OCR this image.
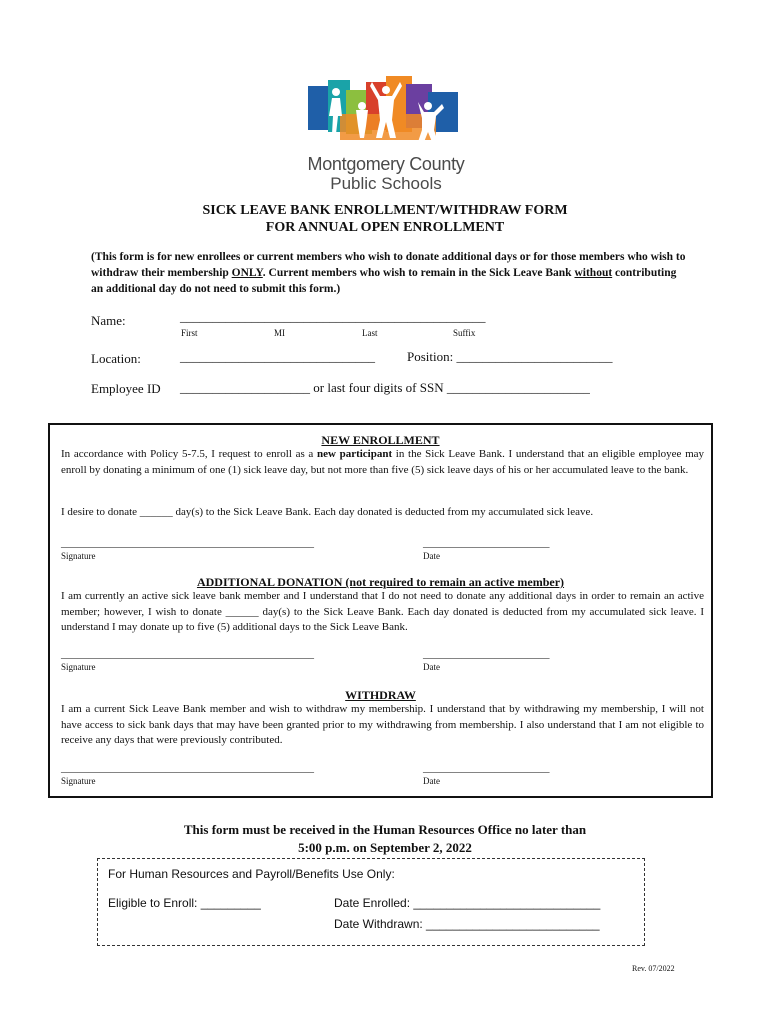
Montgomery County
Public Schools
SICK LEAVE BANK ENROLLMENT/WITHDRAW FORM
FOR ANNUAL OPEN ENROLLMENT
(This form is for new enrollees or current members who wish to donate additional days or for those members who wish to withdraw their membership ONLY. Current members who wish to remain in the Sick Leave Bank without contributing an additional day do not need to submit this form.)
Name:	_______________________________________________
First	MI	Last	Suffix
Location:	______________________________ Position: ________________________
Employee ID ____________________ or last four digits of SSN ______________________
NEW ENROLLMENT
In accordance with Policy 5-7.5, I request to enroll as a new participant in the Sick Leave Bank. I understand that an eligible employee may enroll by donating a minimum of one (1) sick leave day, but not more than five (5) sick leave days of his or her accumulated leave to the bank.
I desire to donate ______ day(s) to the Sick Leave Bank. Each day donated is deducted from my accumulated sick leave.
______________________________________________	_______________________
Signature	Date
ADDITIONAL DONATION (not required to remain an active member)
I am currently an active sick leave bank member and I understand that I do not need to donate any additional days in order to remain an active member; however, I wish to donate ______ day(s) to the Sick Leave Bank. Each day donated is deducted from my accumulated sick leave. I understand I may donate up to five (5) additional days to the Sick Leave Bank.
______________________________________________	_______________________
Signature	Date
WITHDRAW
I am a current Sick Leave Bank member and wish to withdraw my membership. I understand that by withdrawing my membership, I will not have access to sick bank days that may have been granted prior to my withdrawing from membership. I also understand that I am not eligible to receive any days that were previously contributed.
______________________________________________	_______________________
Signature	Date
This form must be received in the Human Resources Office no later than
5:00 p.m. on September 2, 2022
For Human Resources and Payroll/Benefits Use Only:
Eligible to Enroll: _________	Date Enrolled: ____________________________
Date Withdrawn: __________________________
Rev. 07/2022
